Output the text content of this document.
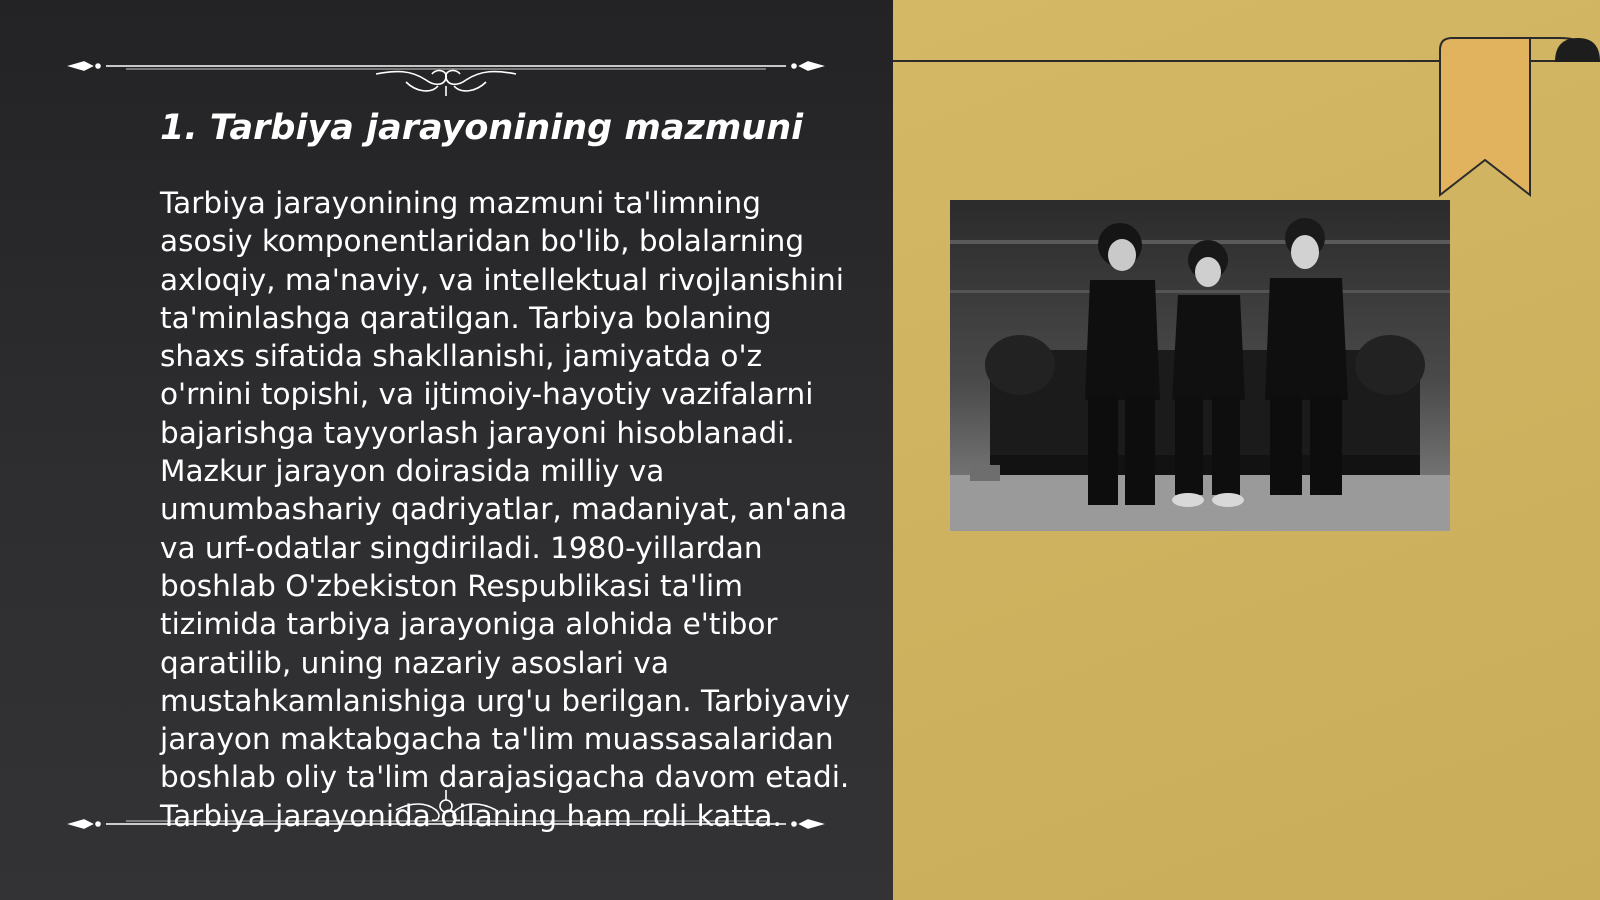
1. Tarbiya jarayonining mazmuni

Tarbiya jarayonining mazmuni ta'limning asosiy komponentlaridan bo'lib, bolalarning axloqiy, ma'naviy, va intellektual rivojlanishini ta'minlashga qaratilgan. Tarbiya bolaning shaxs sifatida shakllanishi, jamiyatda o'z o'rnini topishi, va ijtimoiy-hayotiy vazifalarni bajarishga tayyorlash jarayoni hisoblanadi. Mazkur jarayon doirasida milliy va umumbashariy qadriyatlar, madaniyat, an'ana va urf-odatlar singdiriladi. 1980-yillardan boshlab O'zbekiston Respublikasi ta'lim tizimida tarbiya jarayoniga alohida e'tibor qaratilib, uning nazariy asoslari va mustahkamlanishiga urg'u berilgan. Tarbiyaviy jarayon maktabgacha ta'lim muassasalaridan boshlab oliy ta'lim darajasigacha davom etadi. Tarbiya jarayonida oilaning ham roli katta.
